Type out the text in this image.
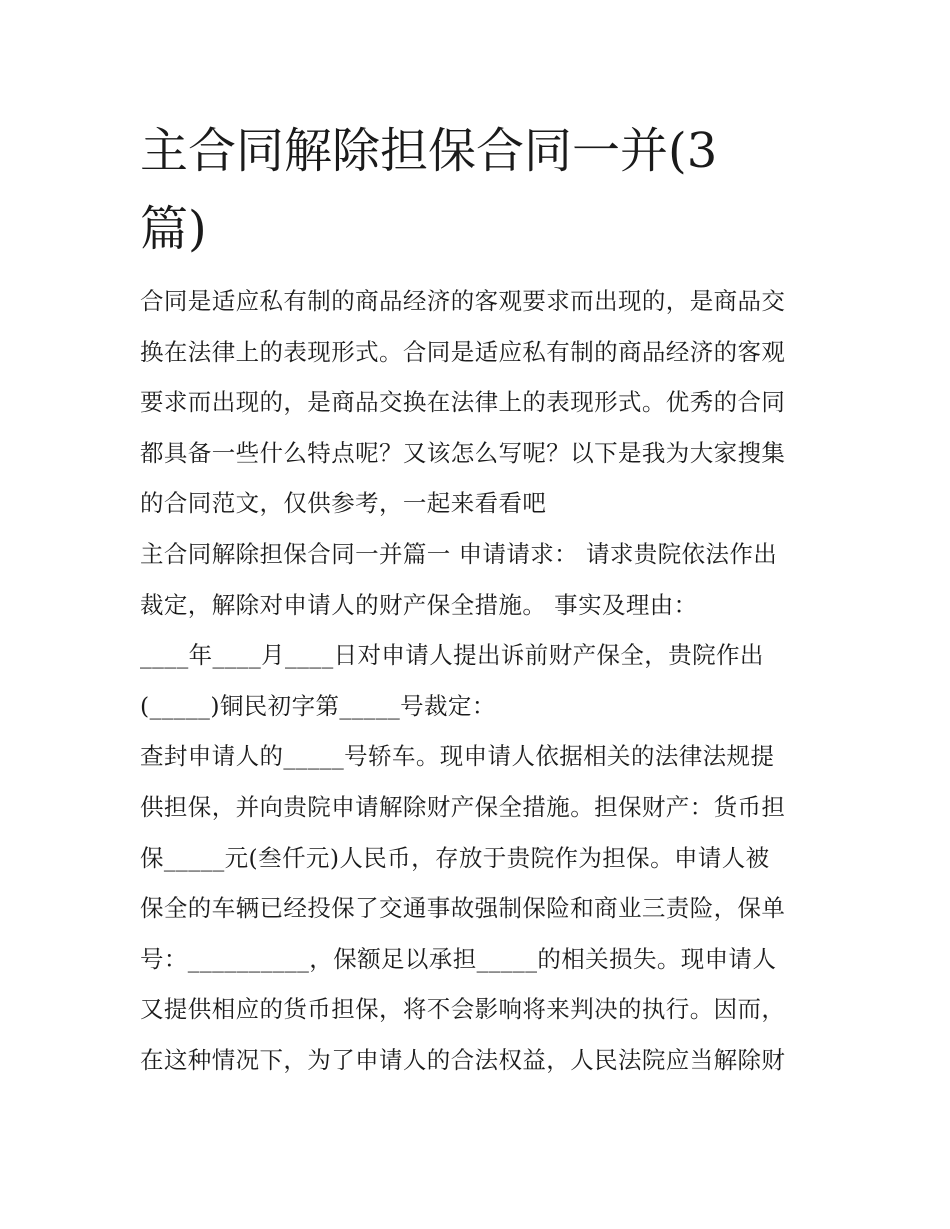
主合同解除担保合同一并(3
篇)
合同是适应私有制的商品经济的客观要求而出现的，是商品交
换在法律上的表现形式。合同是适应私有制的商品经济的客观
要求而出现的，是商品交换在法律上的表现形式。优秀的合同
都具备一些什么特点呢？又该怎么写呢？以下是我为大家搜集
的合同范文，仅供参考，一起来看看吧
主合同解除担保合同一并篇一 申请请求： 请求贵院依法作出
裁定，解除对申请人的财产保全措施。 事实及理由：
____年____月____日对申请人提出诉前财产保全，贵院作出
(_____)铜民初字第_____号裁定：
查封申请人的_____号轿车。现申请人依据相关的法律法规提
供担保，并向贵院申请解除财产保全措施。担保财产：货币担
保_____元(叁仟元)人民币，存放于贵院作为担保。申请人被
保全的车辆已经投保了交通事故强制保险和商业三责险，保单
号：__________，保额足以承担_____的相关损失。现申请人
又提供相应的货币担保，将不会影响将来判决的执行。因而，
在这种情况下，为了申请人的合法权益，人民法院应当解除财
